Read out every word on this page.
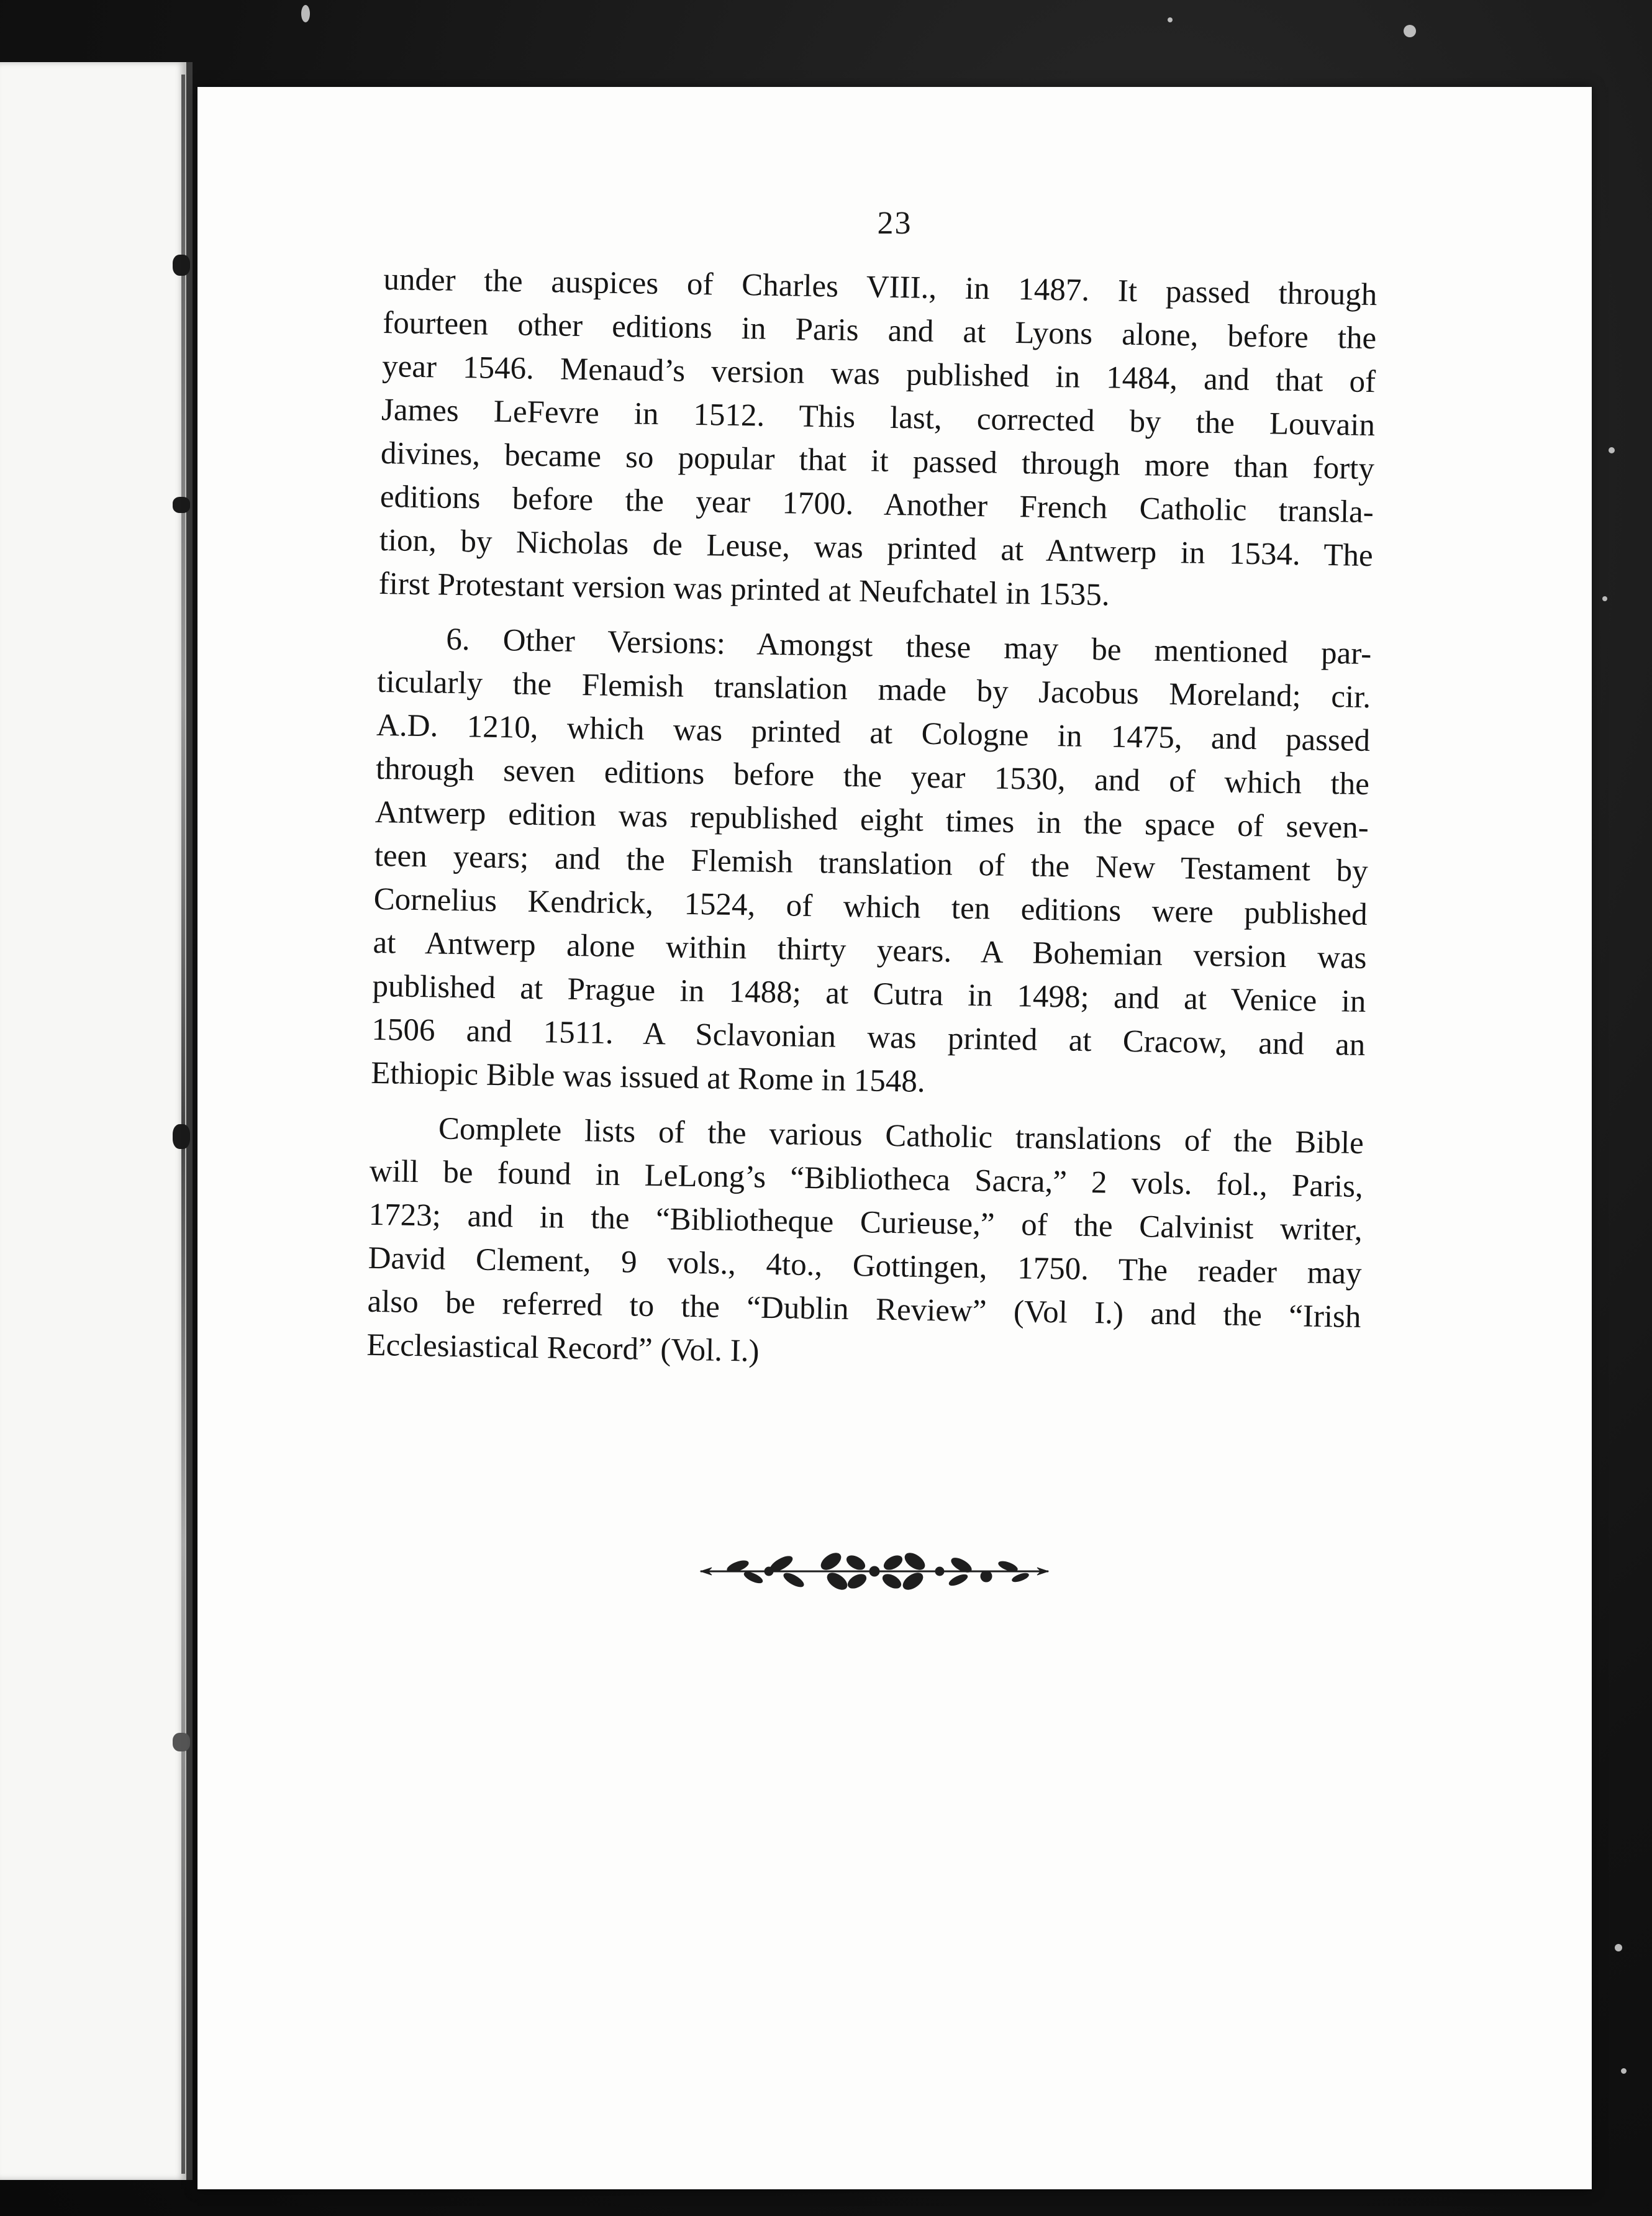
23
under the auspices of Charles VIII., in 1487. It passed through
fourteen other editions in Paris and at Lyons alone, before the
year 1546. Menaud’s version was published in 1484, and that of
James LeFevre in 1512. This last, corrected by the Louvain
divines, became so popular that it passed through more than forty
editions before the year 1700. Another French Catholic transla-
tion, by Nicholas de Leuse, was printed at Antwerp in 1534. The
first Protestant version was printed at Neufchatel in 1535.
6. Other Versions: Amongst these may be mentioned par-
ticularly the Flemish translation made by Jacobus Moreland; cir.
A.D. 1210, which was printed at Cologne in 1475, and passed
through seven editions before the year 1530, and of which the
Antwerp edition was republished eight times in the space of seven-
teen years; and the Flemish translation of the New Testament by
Cornelius Kendrick, 1524, of which ten editions were published
at Antwerp alone within thirty years. A Bohemian version was
published at Prague in 1488; at Cutra in 1498; and at Venice in
1506 and 1511. A Sclavonian was printed at Cracow, and an
Ethiopic Bible was issued at Rome in 1548.
Complete lists of the various Catholic translations of the Bible
will be found in LeLong’s “Bibliotheca Sacra,” 2 vols. fol., Paris,
1723; and in the “Bibliotheque Curieuse,” of the Calvinist writer,
David Clement, 9 vols., 4to., Gottingen, 1750. The reader may
also be referred to the “Dublin Review” (Vol I.) and the “Irish
Ecclesiastical Record” (Vol. I.)
